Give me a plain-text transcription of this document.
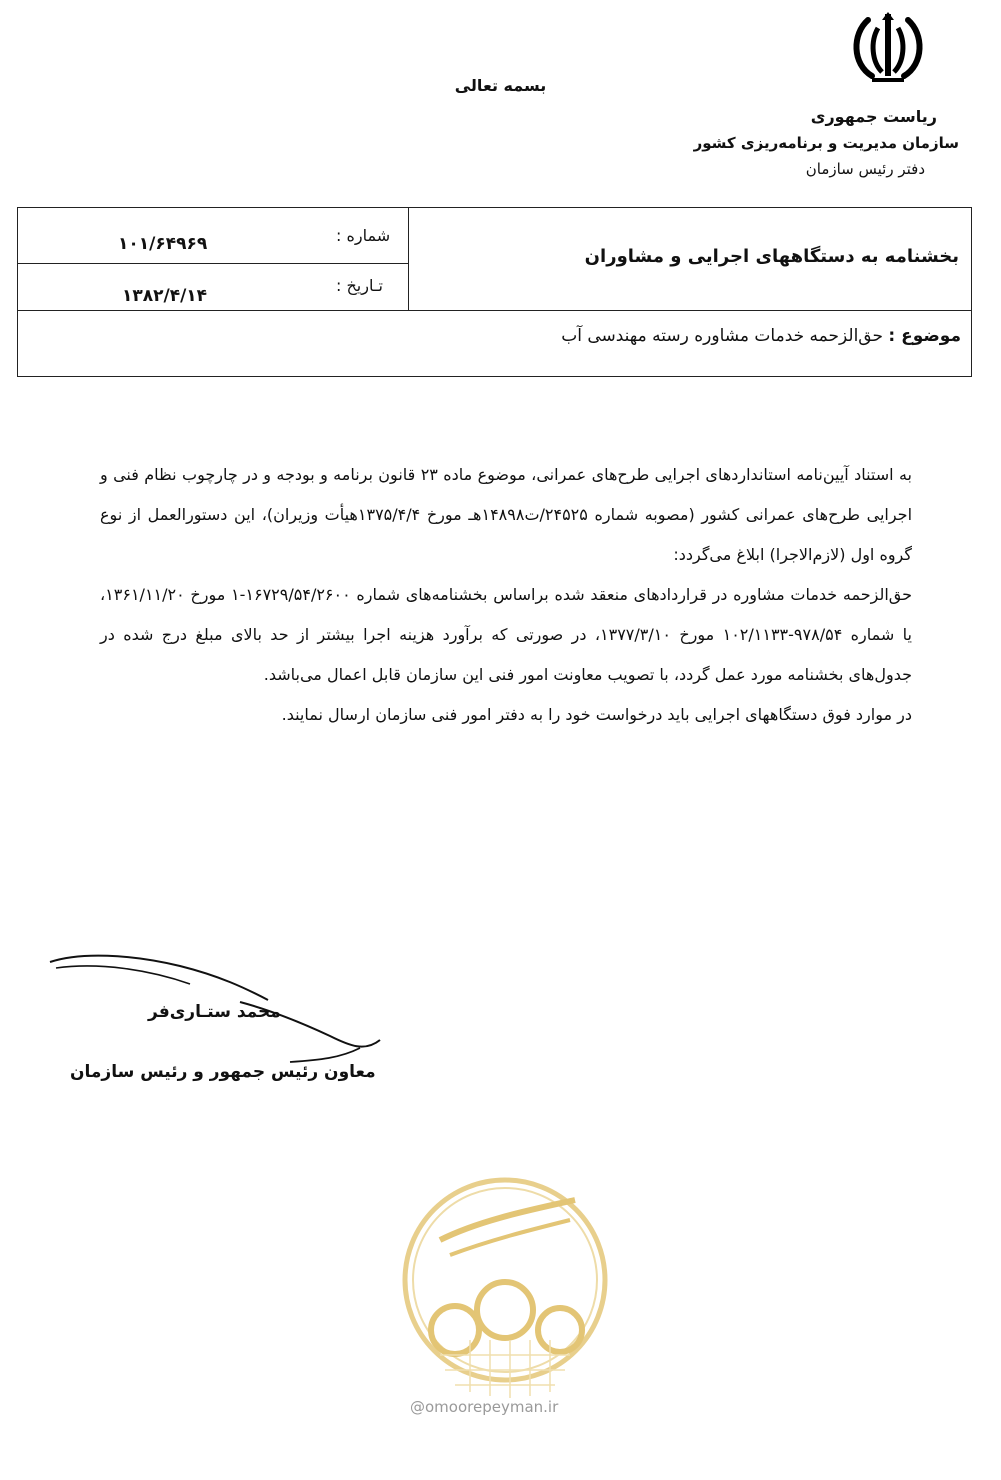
بسمه تعالی
ریاست جمهوری
سازمان مدیریت و برنامه‌ریزی کشور
دفتر رئیس سازمان
بخشنامه به دستگاههای اجرایی و مشاوران
شماره :
۱۰۱/۶۴۹۶۹
تـاریخ :
۱۳۸۲/۴/۱۴
موضوع : حق‌الزحمه خدمات مشاوره رسته مهندسی آب

به استناد آیین‌نامه استانداردهای اجرایی طرح‌های عمرانی، موضوع ماده ۲۳ قانون برنامه و بودجه و در چارچوب نظام فنی و اجرایی طرح‌های عمرانی کشور (مصوبه شماره ۲۴۵۲۵/ت۱۴۸۹۸هـ مورخ ۱۳۷۵/۴/۴هیأت وزیران)، این دستورالعمل از نوع گروه اول (لازم‌الاجرا) ابلاغ می‌گردد:

حق‌الزحمه خدمات مشاوره در قراردادهای منعقد شده براساس بخشنامه‌های شماره ۱۶۷۲۹/۵۴/۲۶۰۰-۱ مورخ ۱۳۶۱/۱۱/۲۰، یا شماره ۹۷۸/۵۴-۱۰۲/۱۱۳۳ مورخ ۱۳۷۷/۳/۱۰، در صورتی که برآورد هزینه اجرا بیشتر از حد بالای مبلغ درج شده در جدول‌های بخشنامه مورد عمل گردد، با تصویب معاونت امور فنی این سازمان قابل اعمال می‌باشد.

در موارد فوق دستگاههای اجرایی باید درخواست خود را به دفتر امور فنی سازمان ارسال نمایند.

محمد ستـاری‌فر
معاون رئیس جمهور و رئیس سازمان
@omoorepeyman.ir
